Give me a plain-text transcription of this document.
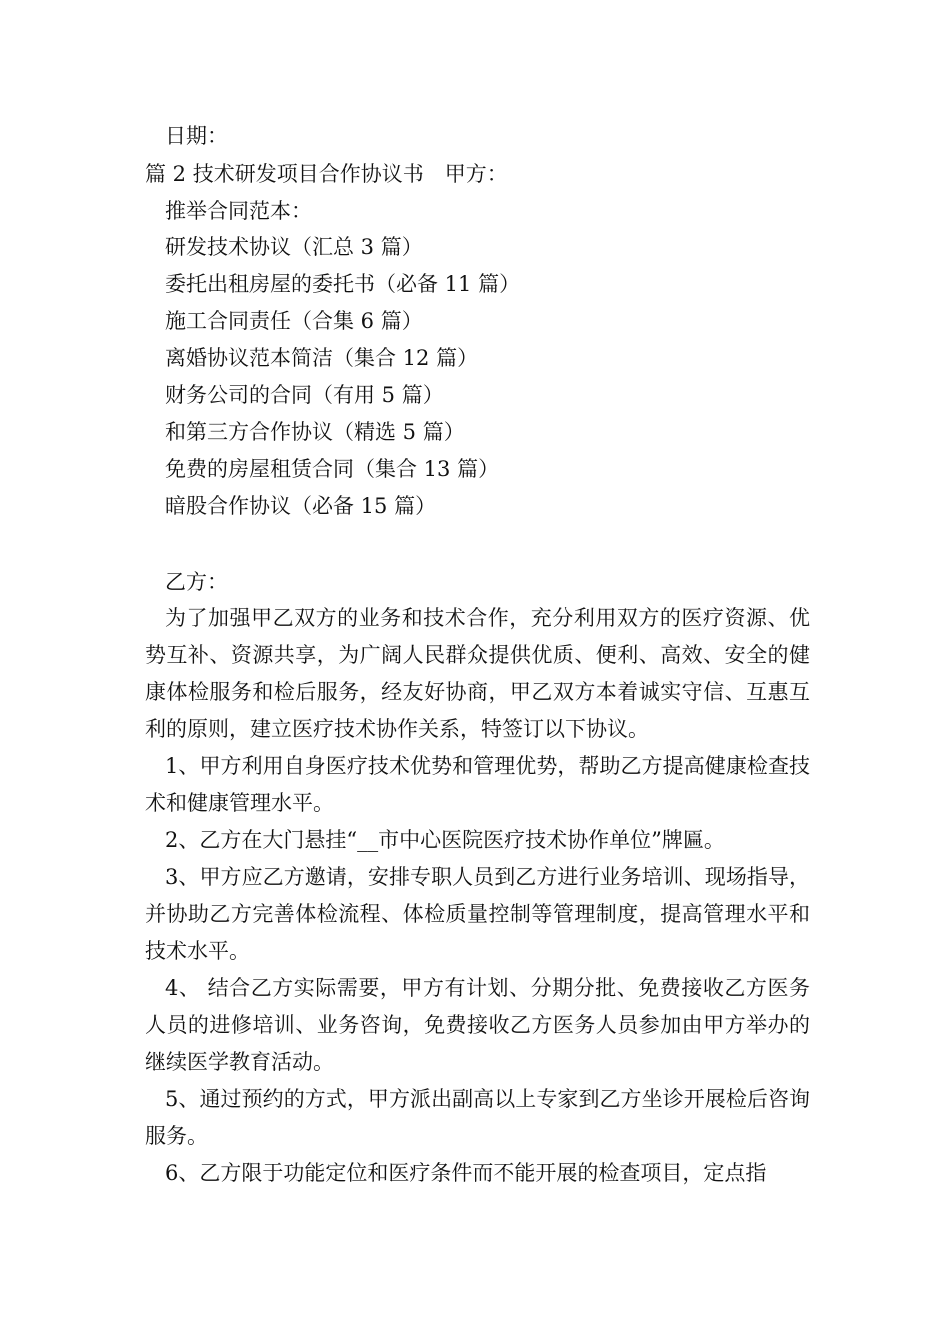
日期：
篇 2 技术研发项目合作协议书　甲方：
推举合同范本：
研发技术协议（汇总 3 篇）
委托出租房屋的委托书（必备 11 篇）
施工合同责任（合集 6 篇）
离婚协议范本简洁（集合 12 篇）
财务公司的合同（有用 5 篇）
和第三方合作协议（精选 5 篇）
免费的房屋租赁合同（集合 13 篇）
暗股合作协议（必备 15 篇）
乙方：
为了加强甲乙双方的业务和技术合作，充分利用双方的医疗资源、优势互补、资源共享，为广阔人民群众提供优质、便利、高效、安全的健康体检服务和检后服务，经友好协商，甲乙双方本着诚实守信、互惠互利的原则，建立医疗技术协作关系，特签订以下协议。
1、甲方利用自身医疗技术优势和管理优势，帮助乙方提高健康检查技术和健康管理水平。
2、乙方在大门悬挂“__市中心医院医疗技术协作单位”牌匾。
3、甲方应乙方邀请，安排专职人员到乙方进行业务培训、现场指导，并协助乙方完善体检流程、体检质量控制等管理制度，提高管理水平和技术水平。
4、 结合乙方实际需要，甲方有计划、分期分批、免费接收乙方医务人员的进修培训、业务咨询，免费接收乙方医务人员参加由甲方举办的继续医学教育活动。
5、通过预约的方式，甲方派出副高以上专家到乙方坐诊开展检后咨询服务。
6、乙方限于功能定位和医疗条件而不能开展的检查项目，定点指
